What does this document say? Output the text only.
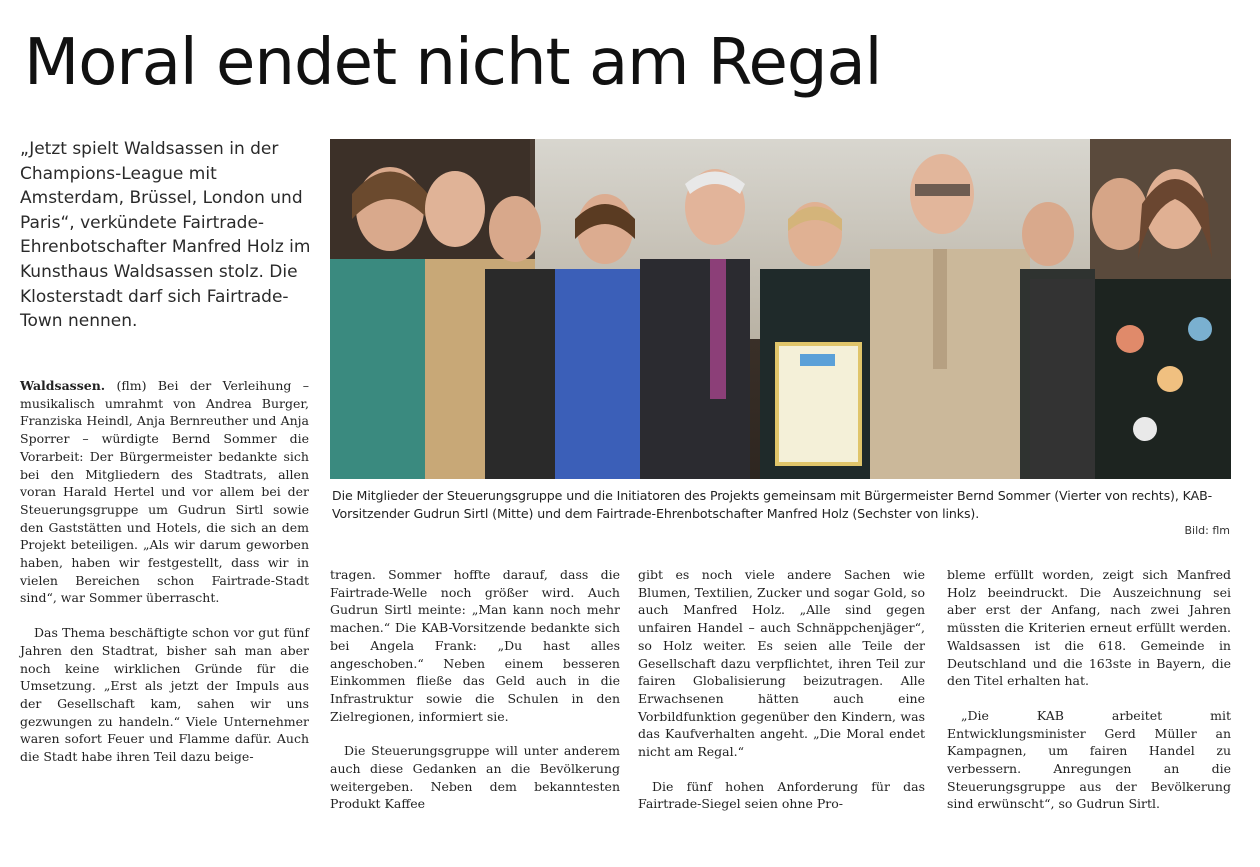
Moral endet nicht am Regal
„Jetzt spielt Waldsassen in der Champions-League mit Amsterdam, Brüssel, London und Paris“, verkündete Fairtrade-Ehrenbotschafter Manfred Holz im Kunsthaus Waldsassen stolz. Die Klosterstadt darf sich Fairtrade-Town nennen.

Waldsassen. (flm) Bei der Verleihung – musikalisch umrahmt von Andrea Burger, Franziska Heindl, Anja Bernreuther und Anja Sporrer – würdigte Bernd Sommer die Vorarbeit: Der Bürgermeister bedankte sich bei den Mitgliedern des Stadtrats, allen voran Harald Hertel und vor allem bei der Steuerungsgruppe um Gudrun Sirtl sowie den Gaststätten und Hotels, die sich an dem Projekt beteiligen. „Als wir darum geworben haben, haben wir festgestellt, dass wir in vielen Bereichen schon Fairtrade-Stadt sind“, war Sommer überrascht.

Das Thema beschäftigte schon vor gut fünf Jahren den Stadtrat, bisher sah man aber noch keine wirklichen Gründe für die Umsetzung. „Erst als jetzt der Impuls aus der Gesellschaft kam, sahen wir uns gezwungen zu handeln.“ Viele Unternehmer waren sofort Feuer und Flamme dafür. Auch die Stadt habe ihren Teil dazu beige-

Die Mitglieder der Steuerungsgruppe und die Initiatoren des Projekts gemeinsam mit Bürgermeister Bernd Sommer (Vierter von rechts), KAB-Vorsitzender Gudrun Sirtl (Mitte) und dem Fairtrade-Ehrenbotschafter Manfred Holz (Sechster von links).
Bild: flm

tragen. Sommer hoffte darauf, dass die Fairtrade-Welle noch größer wird. Auch Gudrun Sirtl meinte: „Man kann noch mehr machen.“ Die KAB-Vorsitzende bedankte sich bei Angela Frank: „Du hast alles angeschoben.“ Neben einem besseren Einkommen fließe das Geld auch in die Infrastruktur sowie die Schulen in den Zielregionen, informiert sie.

Die Steuerungsgruppe will unter anderem auch diese Gedanken an die Bevölkerung weitergeben. Neben dem bekanntesten Produkt Kaffee

gibt es noch viele andere Sachen wie Blumen, Textilien, Zucker und sogar Gold, so auch Manfred Holz. „Alle sind gegen unfairen Handel – auch Schnäppchenjäger“, so Holz weiter. Es seien alle Teile der Gesellschaft dazu verpflichtet, ihren Teil zur fairen Globalisierung beizutragen. Alle Erwachsenen hätten auch eine Vorbildfunktion gegenüber den Kindern, was das Kaufverhalten angeht. „Die Moral endet nicht am Regal.“

Die fünf hohen Anforderung für das Fairtrade-Siegel seien ohne Pro-

bleme erfüllt worden, zeigt sich Manfred Holz beeindruckt. Die Auszeichnung sei aber erst der Anfang, nach zwei Jahren müssten die Kriterien erneut erfüllt werden. Waldsassen ist die 618. Gemeinde in Deutschland und die 163ste in Bayern, die den Titel erhalten hat.

„Die KAB arbeitet mit Entwicklungsminister Gerd Müller an Kampagnen, um fairen Handel zu verbessern. Anregungen an die Steuerungsgruppe aus der Bevölkerung sind erwünscht“, so Gudrun Sirtl.
